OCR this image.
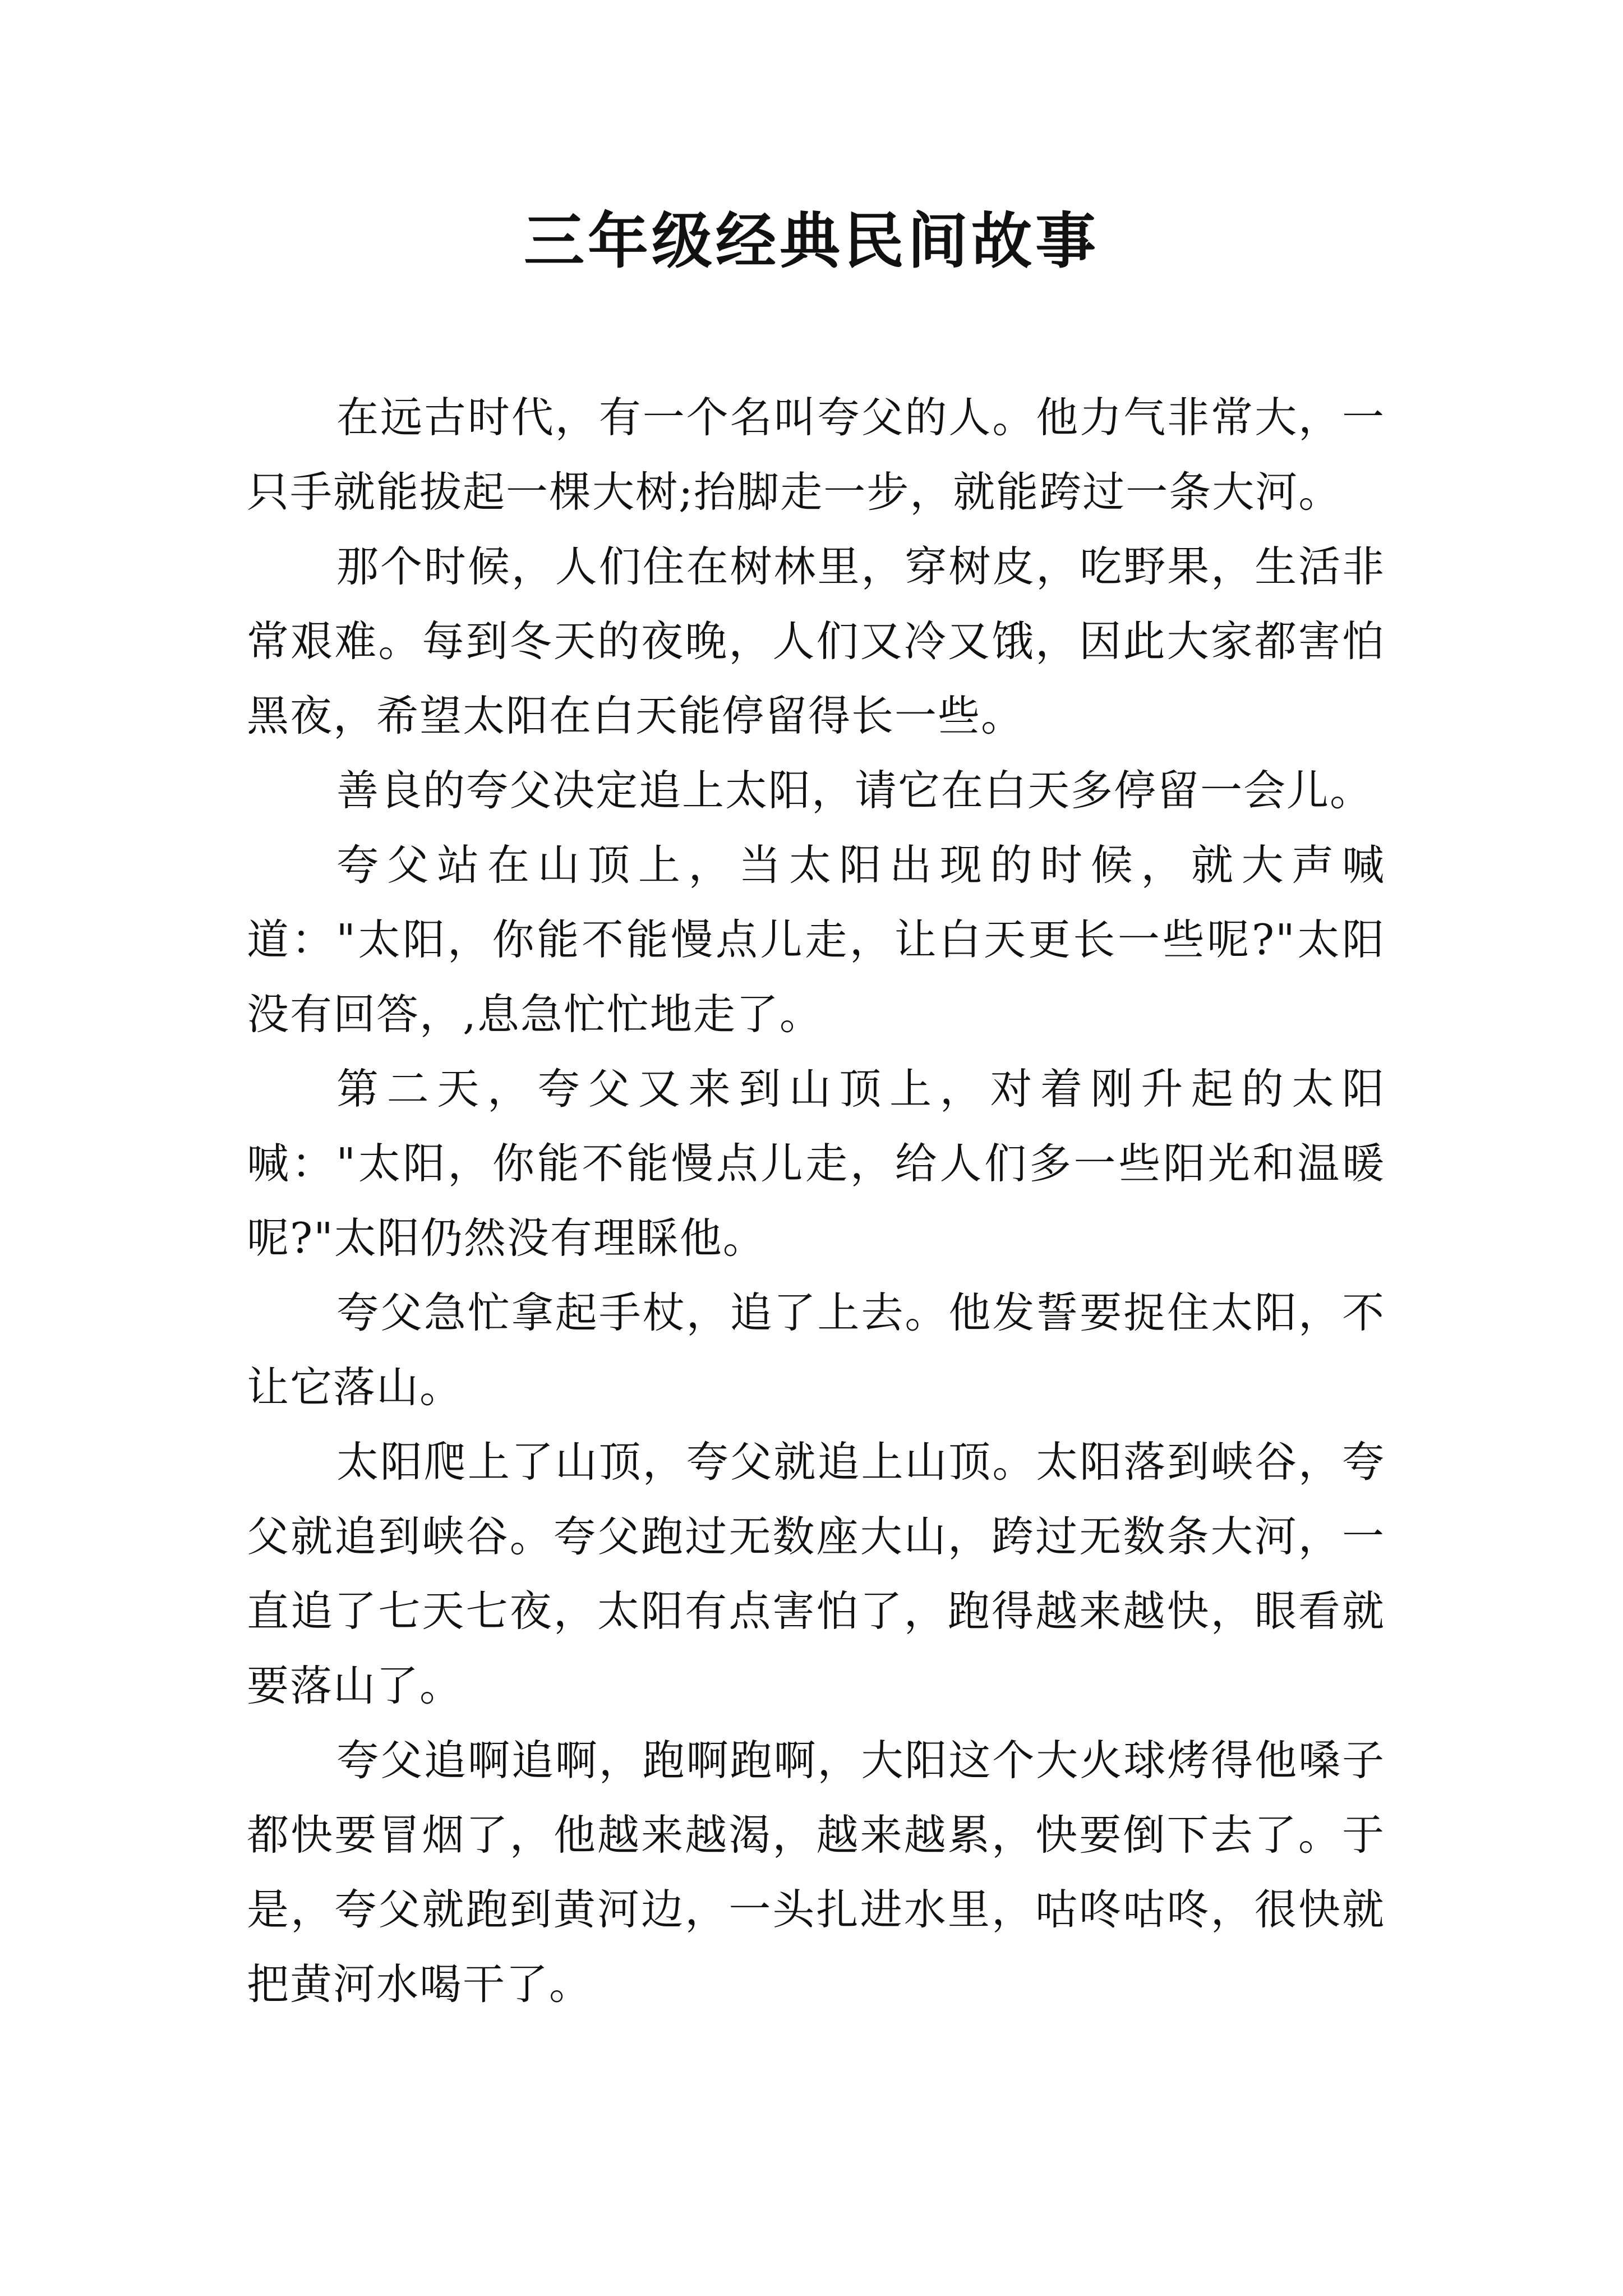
三年级经典民间故事

在远古时代，有一个名叫夸父的人。他力气非常大，一只手就能拔起一棵大树;抬脚走一步，就能跨过一条大河。

那个时候，人们住在树林里，穿树皮，吃野果，生活非常艰难。每到冬天的夜晚，人们又冷又饿，因此大家都害怕黑夜，希望太阳在白天能停留得长一些。

善良的夸父决定追上太阳，请它在白天多停留一会儿。

夸父站在山顶上，当太阳出现的时候，就大声喊道："太阳，你能不能慢点儿走，让白天更长一些呢?"太阳没有回答，,息急忙忙地走了。

第二天，夸父又来到山顶上，对着刚升起的太阳喊："太阳，你能不能慢点儿走，给人们多一些阳光和温暖呢?"太阳仍然没有理睬他。

夸父急忙拿起手杖，追了上去。他发誓要捉住太阳，不让它落山。

太阳爬上了山顶，夸父就追上山顶。太阳落到峡谷，夸父就追到峡谷。夸父跑过无数座大山，跨过无数条大河，一直追了七天七夜，太阳有点害怕了，跑得越来越快，眼看就要落山了。

夸父追啊追啊，跑啊跑啊，大阳这个大火球烤得他嗓子都快要冒烟了，他越来越渴，越来越累，快要倒下去了。于是，夸父就跑到黄河边，一头扎进水里，咕咚咕咚，很快就把黄河水喝干了。
